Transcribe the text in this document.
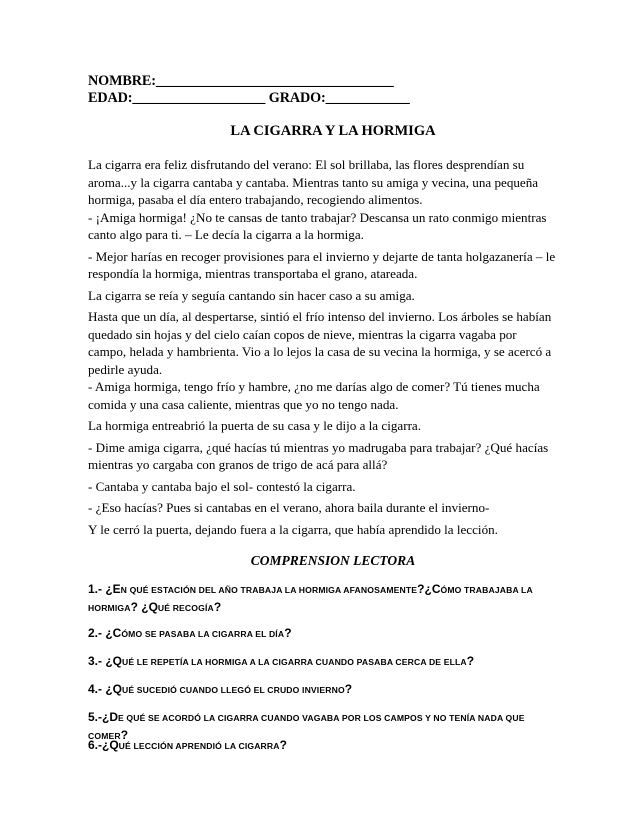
NOMBRE:__________________________________
EDAD:___________________ GRADO:____________
LA CIGARRA Y LA HORMIGA

La cigarra era feliz disfrutando del verano: El sol brillaba, las flores desprendían su aroma...y la cigarra cantaba y cantaba. Mientras tanto su amiga y vecina, una pequeña hormiga, pasaba el día entero trabajando, recogiendo alimentos.

- ¡Amiga hormiga! ¿No te cansas de tanto trabajar? Descansa un rato conmigo mientras canto algo para ti. – Le decía la cigarra a la hormiga.

- Mejor harías en recoger provisiones para el invierno y dejarte de tanta holgazanería – le respondía la hormiga, mientras transportaba el grano, atareada.

La cigarra se reía y seguía cantando sin hacer caso a su amiga.

Hasta que un día, al despertarse, sintió el frío intenso del invierno. Los árboles se habían quedado sin hojas y del cielo caían copos de nieve, mientras la cigarra vagaba por campo, helada y hambrienta. Vio a lo lejos la casa de su vecina la hormiga, y se acercó a pedirle ayuda.

- Amiga hormiga, tengo frío y hambre, ¿no me darías algo de comer? Tú tienes mucha comida y una casa caliente, mientras que yo no tengo nada.

La hormiga entreabrió la puerta de su casa y le dijo a la cigarra.

- Dime amiga cigarra, ¿qué hacías tú mientras yo madrugaba para trabajar? ¿Qué hacías mientras yo cargaba con granos de trigo de acá para allá?

- Cantaba y cantaba bajo el sol- contestó la cigarra.

- ¿Eso hacías? Pues si cantabas en el verano, ahora baila durante el invierno-

Y le cerró la puerta, dejando fuera a la cigarra, que había aprendido la lección.

COMPRENSION LECTORA
1.- ¿EN QUÉ ESTACIÓN DEL AÑO TRABAJA LA HORMIGA AFANOSAMENTE?¿CÓMO TRABAJABA LA HORMIGA? ¿QUÉ RECOGÍA?
2.- ¿CÓMO SE PASABA LA CIGARRA EL DÍA?
3.- ¿QUÉ LE REPETÍA LA HORMIGA A LA CIGARRA CUANDO PASABA CERCA DE ELLA?
4.- ¿QUÉ SUCEDIÓ CUANDO LLEGÓ EL CRUDO INVIERNO?
5.-¿DE QUÉ SE ACORDÓ LA CIGARRA CUANDO VAGABA POR LOS CAMPOS Y NO TENÍA NADA QUE COMER?
6.-¿QUÉ LECCIÓN APRENDIÓ LA CIGARRA?
